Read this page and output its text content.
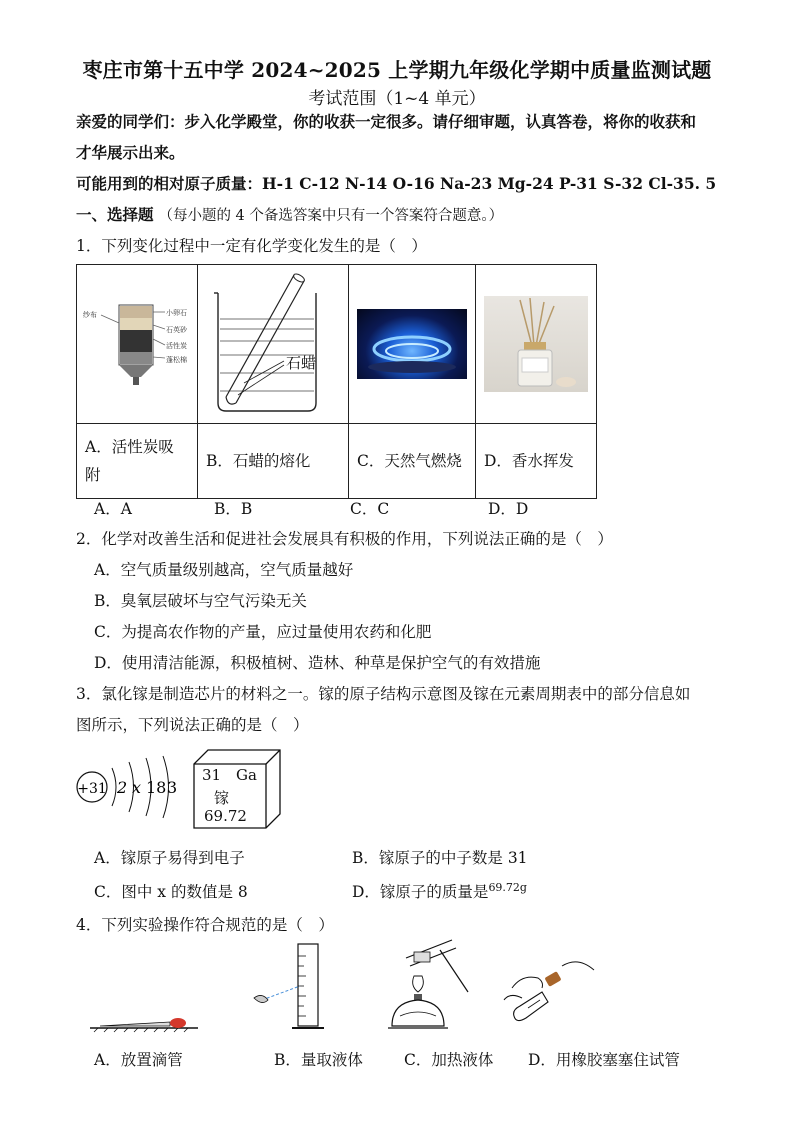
枣庄市第十五中学 2024~2025 上学期九年级化学期中质量监测试题
考试范围（1~4 单元）
亲爱的同学们：步入化学殿堂，你的收获一定很多。请仔细审题，认真答卷，将你的收获和
才华展示出来。
可能用到的相对原子质量：H-1 C-12 N-14 O-16 Na-23 Mg-24 P-31 S-32 Cl-35. 5
一、选择题 （每小题的 4 个备选答案中只有一个答案符合题意。）
1．下列变化过程中一定有化学变化发生的是（　）
纱布 小卵石
石英砂
活性炭
蓬松棉	石蜡

A．活性炭吸
附	B．石蜡的熔化	C．天然气燃烧	D．香水挥发
A．A	B．B	C．C	D．D
2．化学对改善生活和促进社会发展具有积极的作用，下列说法正确的是（　）
A．空气质量级别越高，空气质量越好
B．臭氧层破坏与空气污染无关
C．为提高农作物的产量，应过量使用农药和化肥
D．使用清洁能源，积极植树、造林、种草是保护空气的有效措施
3．氯化镓是制造芯片的材料之一。镓的原子结构示意图及镓在元素周期表中的部分信息如
图所示，下列说法正确的是（　）
+31 2 x 18 3
31 Ga
镓
69.72
A．镓原子易得到电子	B．镓原子的中子数是 31
C．图中 x 的数值是 8	D．镓原子的质量是$^{69.72g}$
4．下列实验操作符合规范的是（　）
A．放置滴管	B．量取液体	C．加热液体 D．用橡胶塞塞住试管
